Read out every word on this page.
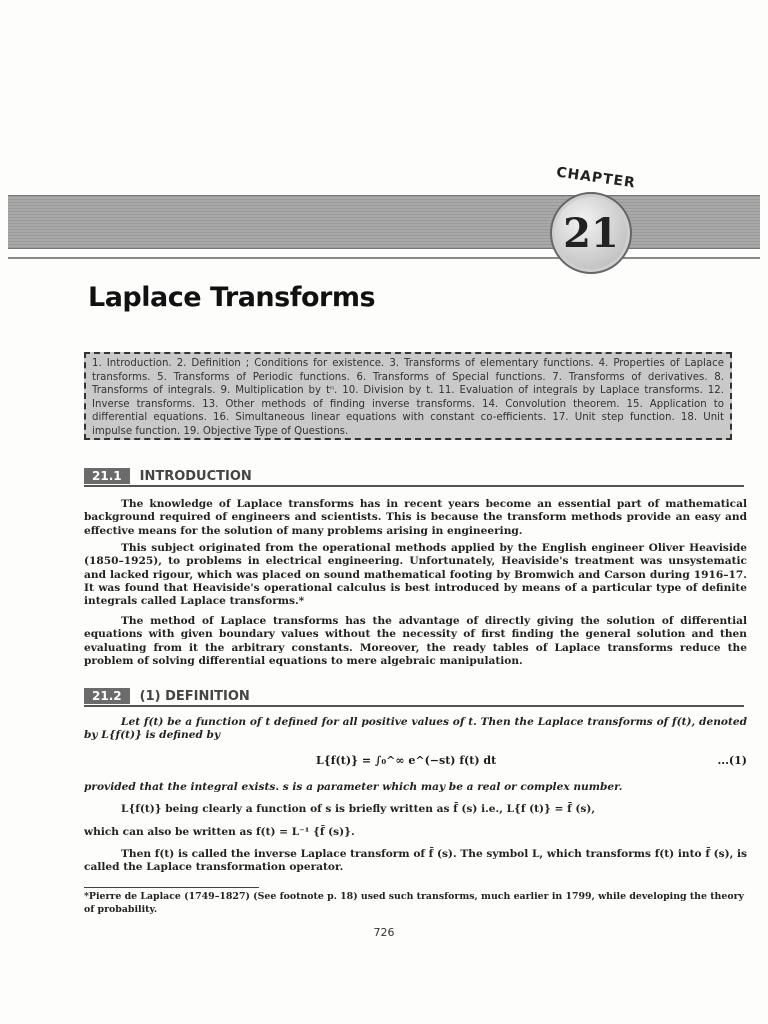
CHAPTER
21
Laplace Transforms
1. Introduction. 2. Definition ; Conditions for existence. 3. Transforms of elementary functions. 4. Properties of Laplace transforms. 5. Transforms of Periodic functions. 6. Transforms of Special functions. 7. Transforms of derivatives. 8. Transforms of integrals. 9. Multiplication by tⁿ. 10. Division by t. 11. Evaluation of integrals by Laplace transforms. 12. Inverse transforms. 13. Other methods of finding inverse transforms. 14. Convolution theorem. 15. Application to differential equations. 16. Simultaneous linear equations with constant co-efficients. 17. Unit step function. 18. Unit impulse function. 19. Objective Type of Questions.
21.1	INTRODUCTION

The knowledge of Laplace transforms has in recent years become an essential part of mathematical background required of engineers and scientists. This is because the transform methods provide an easy and effective means for the solution of many problems arising in engineering.

This subject originated from the operational methods applied by the English engineer Oliver Heaviside (1850–1925), to problems in electrical engineering. Unfortunately, Heaviside's treatment was unsystematic and lacked rigour, which was placed on sound mathematical footing by Bromwich and Carson during 1916–17. It was found that Heaviside's operational calculus is best introduced by means of a particular type of definite integrals called Laplace transforms.*

The method of Laplace transforms has the advantage of directly giving the solution of differential equations with given boundary values without the necessity of first finding the general solution and then evaluating from it the arbitrary constants. Moreover, the ready tables of Laplace transforms reduce the problem of solving differential equations to mere algebraic manipulation.

21.2	(1) DEFINITION

Let f(t) be a function of t defined for all positive values of t. Then the Laplace transforms of f(t), denoted by L{f(t)} is defined by

L{f(t)} = ∫₀^∞ e^(−st) f(t) dt	...(1)

provided that the integral exists. s is a parameter which may be a real or complex number.

L{f(t)} being clearly a function of s is briefly written as f̄ (s) i.e., L{f (t)} = f̄ (s),

which can also be written as f(t) = L⁻¹ {f̄ (s)}.

Then f(t) is called the inverse Laplace transform of f̄ (s). The symbol L, which transforms f(t) into f̄ (s), is called the Laplace transformation operator.

*Pierre de Laplace (1749–1827) (See footnote p. 18) used such transforms, much earlier in 1799, while developing the theory of probability.

726
